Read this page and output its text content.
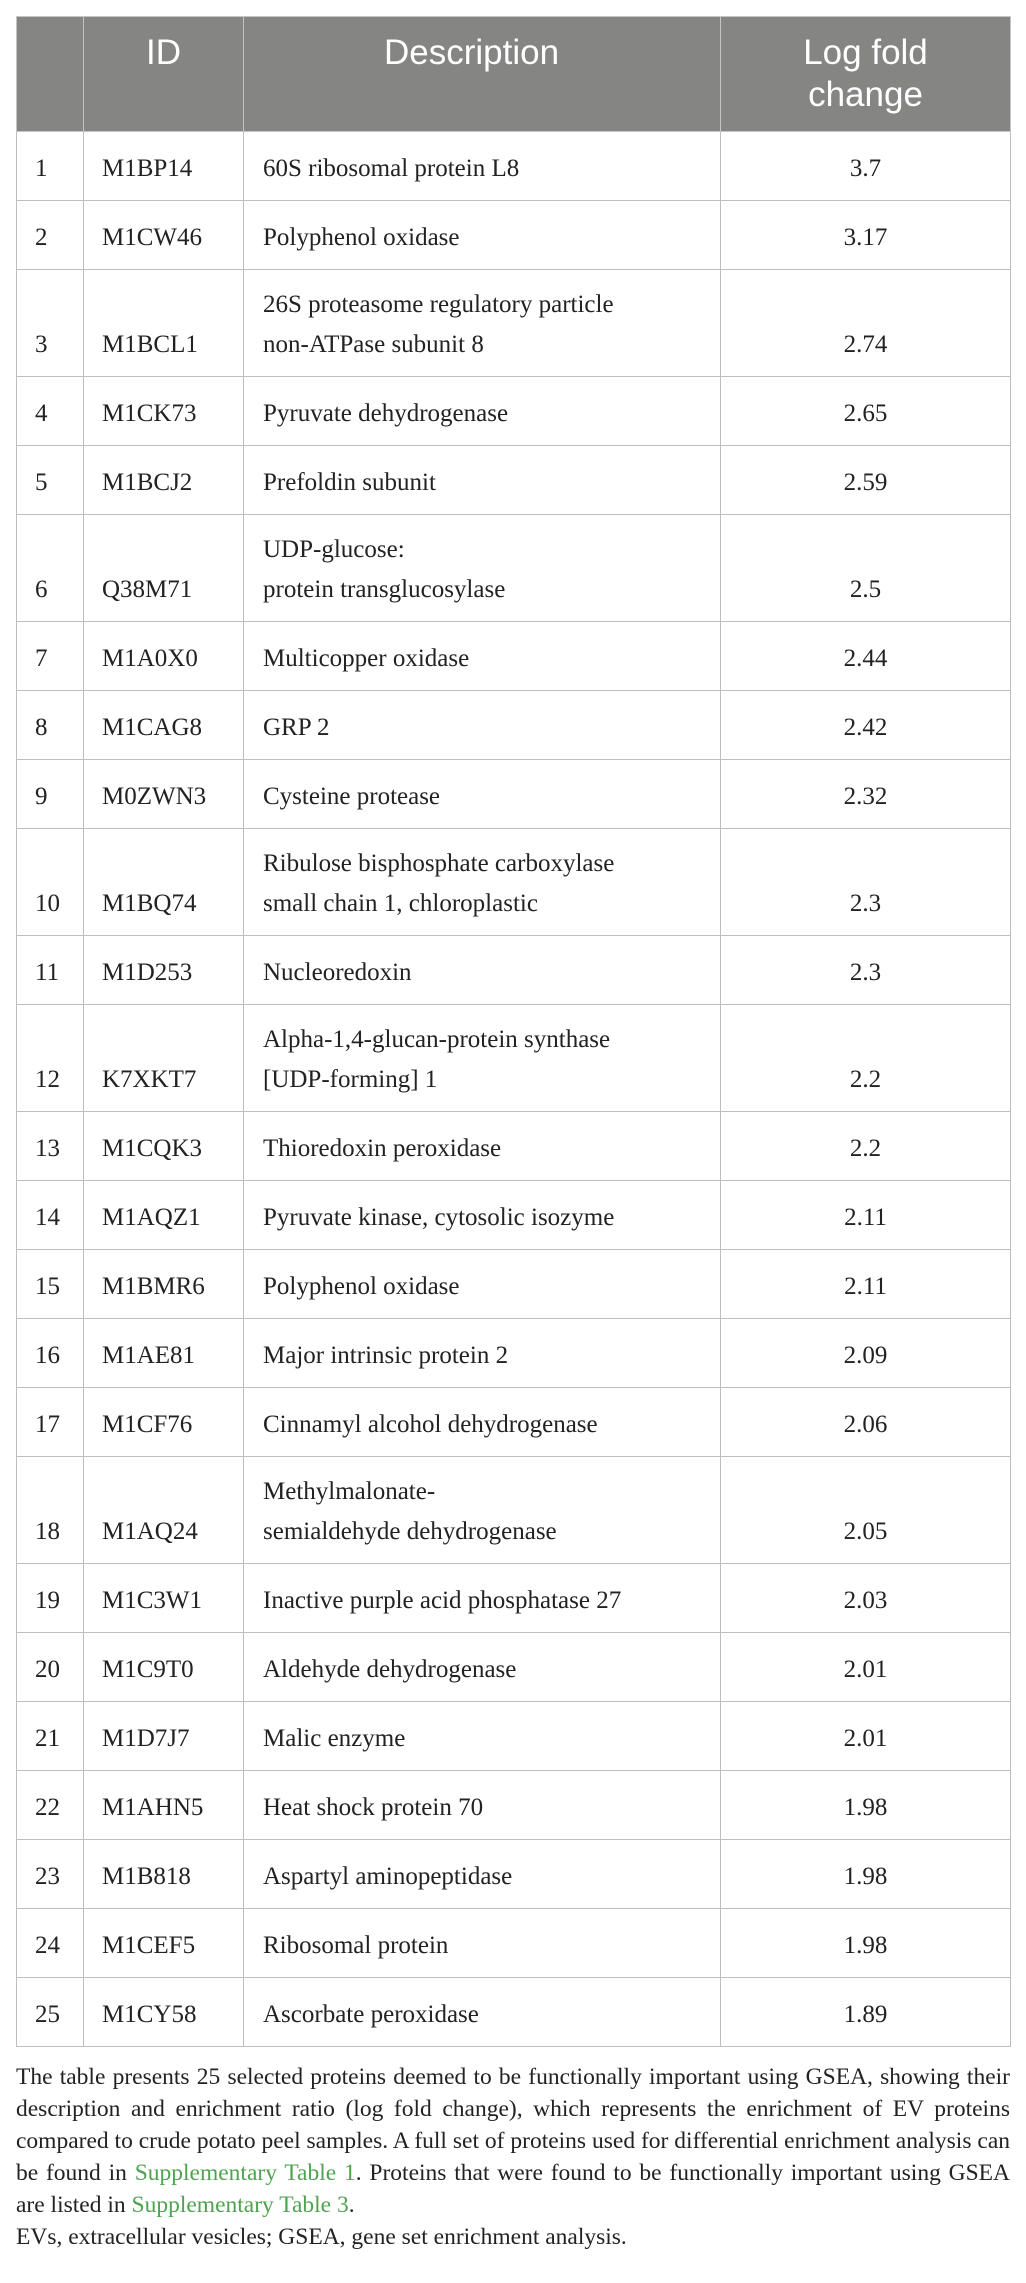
	ID	Description	Log fold
change

1	M1BP14	60S ribosomal protein L8	3.7
2	M1CW46	Polyphenol oxidase	3.17
3	M1BCL1	26S proteasome regulatory particle
non-ATPase subunit 8	2.74
4	M1CK73	Pyruvate dehydrogenase	2.65
5	M1BCJ2	Prefoldin subunit	2.59
6	Q38M71	UDP-glucose:
protein transglucosylase	2.5
7	M1A0X0	Multicopper oxidase	2.44
8	M1CAG8	GRP 2	2.42
9	M0ZWN3	Cysteine protease	2.32
10	M1BQ74	Ribulose bisphosphate carboxylase
small chain 1, chloroplastic	2.3
11	M1D253	Nucleoredoxin	2.3
12	K7XKT7	Alpha-1,4-glucan-protein synthase
[UDP-forming] 1	2.2
13	M1CQK3	Thioredoxin peroxidase	2.2
14	M1AQZ1	Pyruvate kinase, cytosolic isozyme	2.11
15	M1BMR6	Polyphenol oxidase	2.11
16	M1AE81	Major intrinsic protein 2	2.09
17	M1CF76	Cinnamyl alcohol dehydrogenase	2.06
18	M1AQ24	Methylmalonate-
semialdehyde dehydrogenase	2.05
19	M1C3W1	Inactive purple acid phosphatase 27	2.03
20	M1C9T0	Aldehyde dehydrogenase	2.01
21	M1D7J7	Malic enzyme	2.01
22	M1AHN5	Heat shock protein 70	1.98
23	M1B818	Aspartyl aminopeptidase	1.98
24	M1CEF5	Ribosomal protein	1.98
25	M1CY58	Ascorbate peroxidase	1.89

The table presents 25 selected proteins deemed to be functionally important using GSEA, showing their description and enrichment ratio (log fold change), which represents the enrichment of EV proteins compared to crude potato peel samples. A full set of proteins used for differential enrichment analysis can be found in Supplementary Table 1. Proteins that were found to be functionally important using GSEA are listed in Supplementary Table 3.

EVs, extracellular vesicles; GSEA, gene set enrichment analysis.
